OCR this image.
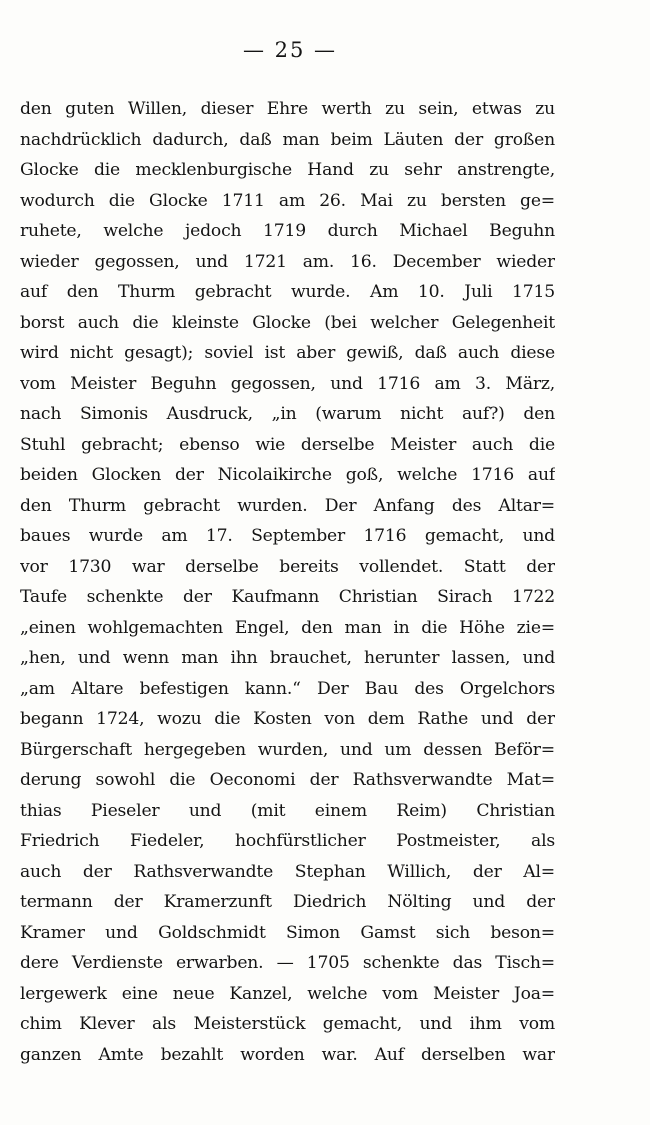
— 25 —
den guten Willen, dieser Ehre werth zu sein, etwas zu
nachdrücklich dadurch, daß man beim Läuten der großen
Glocke die mecklenburgische Hand zu sehr anstrengte,
wodurch die Glocke 1711 am 26. Mai zu bersten ge=
ruhete, welche jedoch 1719 durch Michael Beguhn
wieder gegossen, und 1721 am. 16. December wieder
auf den Thurm gebracht wurde. Am 10. Juli 1715
borst auch die kleinste Glocke (bei welcher Gelegenheit
wird nicht gesagt); soviel ist aber gewiß, daß auch diese
vom Meister Beguhn gegossen, und 1716 am 3. März,
nach Simonis Ausdruck, „in (warum nicht auf?) den
Stuhl gebracht; ebenso wie derselbe Meister auch die
beiden Glocken der Nicolaikirche goß, welche 1716 auf
den Thurm gebracht wurden. Der Anfang des Altar=
baues wurde am 17. September 1716 gemacht, und
vor 1730 war derselbe bereits vollendet. Statt der
Taufe schenkte der Kaufmann Christian Sirach 1722
„einen wohlgemachten Engel, den man in die Höhe zie=
„hen, und wenn man ihn brauchet, herunter lassen, und
„am Altare befestigen kann.“ Der Bau des Orgelchors
begann 1724, wozu die Kosten von dem Rathe und der
Bürgerschaft hergegeben wurden, und um dessen Beför=
derung sowohl die Oeconomi der Rathsverwandte Mat=
thias Pieseler und (mit einem Reim) Christian
Friedrich Fiedeler, hochfürstlicher Postmeister, als
auch der Rathsverwandte Stephan Willich, der Al=
termann der Kramerzunft Diedrich Nölting und der
Kramer und Goldschmidt Simon Gamst sich beson=
dere Verdienste erwarben. — 1705 schenkte das Tisch=
lergewerk eine neue Kanzel, welche vom Meister Joa=
chim Klever als Meisterstück gemacht, und ihm vom
ganzen Amte bezahlt worden war. Auf derselben war
